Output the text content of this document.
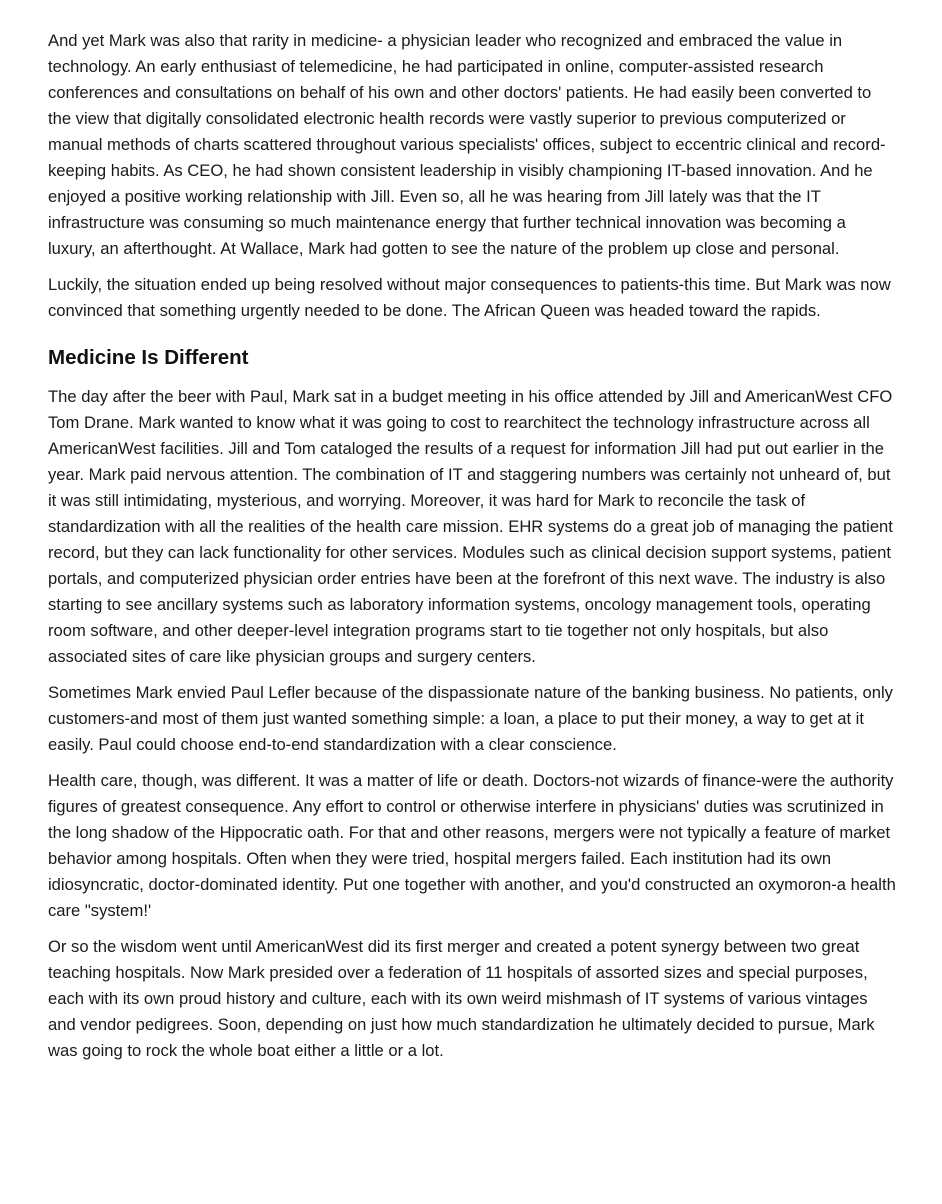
And yet Mark was also that rarity in medicine- a physician leader who recognized and embraced the value in technology. An early enthusiast of telemedicine, he had participated in online, computer-assisted research conferences and consultations on behalf of his own and other doctors' patients. He had easily been converted to the view that digitally consolidated electronic health records were vastly superior to previous computerized or manual methods of charts scattered throughout various specialists' offices, subject to eccentric clinical and record-keeping habits. As CEO, he had shown consistent leadership in visibly championing IT-based innovation. And he enjoyed a positive working relationship with Jill. Even so, all he was hearing from Jill lately was that the IT infrastructure was consuming so much maintenance energy that further technical innovation was becoming a luxury, an afterthought. At Wallace, Mark had gotten to see the nature of the problem up close and personal.

Luckily, the situation ended up being resolved without major consequences to patients-this time. But Mark was now convinced that something urgently needed to be done. The African Queen was headed toward the rapids.

Medicine Is Different

The day after the beer with Paul, Mark sat in a budget meeting in his office attended by Jill and AmericanWest CFO Tom Drane. Mark wanted to know what it was going to cost to rearchitect the technology infrastructure across all AmericanWest facilities. Jill and Tom cataloged the results of a request for information Jill had put out earlier in the year. Mark paid nervous attention. The combination of IT and staggering numbers was certainly not unheard of, but it was still intimidating, mysterious, and worrying. Moreover, it was hard for Mark to reconcile the task of standardization with all the realities of the health care mission. EHR systems do a great job of managing the patient record, but they can lack functionality for other services. Modules such as clinical decision support systems, patient portals, and computerized physician order entries have been at the forefront of this next wave. The industry is also starting to see ancillary systems such as laboratory information systems, oncology management tools, operating room software, and other deeper-level integration programs start to tie together not only hospitals, but also associated sites of care like physician groups and surgery centers.

Sometimes Mark envied Paul Lefler because of the dispassionate nature of the banking business. No patients, only customers-and most of them just wanted something simple: a loan, a place to put their money, a way to get at it easily. Paul could choose end-to-end standardization with a clear conscience.

Health care, though, was different. It was a matter of life or death. Doctors-not wizards of finance-were the authority figures of greatest consequence. Any effort to control or otherwise interfere in physicians' duties was scrutinized in the long shadow of the Hippocratic oath. For that and other reasons, mergers were not typically a feature of market behavior among hospitals. Often when they were tried, hospital mergers failed. Each institution had its own idiosyncratic, doctor-dominated identity. Put one together with another, and you'd constructed an oxymoron-a health care "system!'

Or so the wisdom went until AmericanWest did its first merger and created a potent synergy between two great teaching hospitals. Now Mark presided over a federation of 11 hospitals of assorted sizes and special purposes, each with its own proud history and culture, each with its own weird mishmash of IT systems of various vintages and vendor pedigrees. Soon, depending on just how much standardization he ultimately decided to pursue, Mark was going to rock the whole boat either a little or a lot.
